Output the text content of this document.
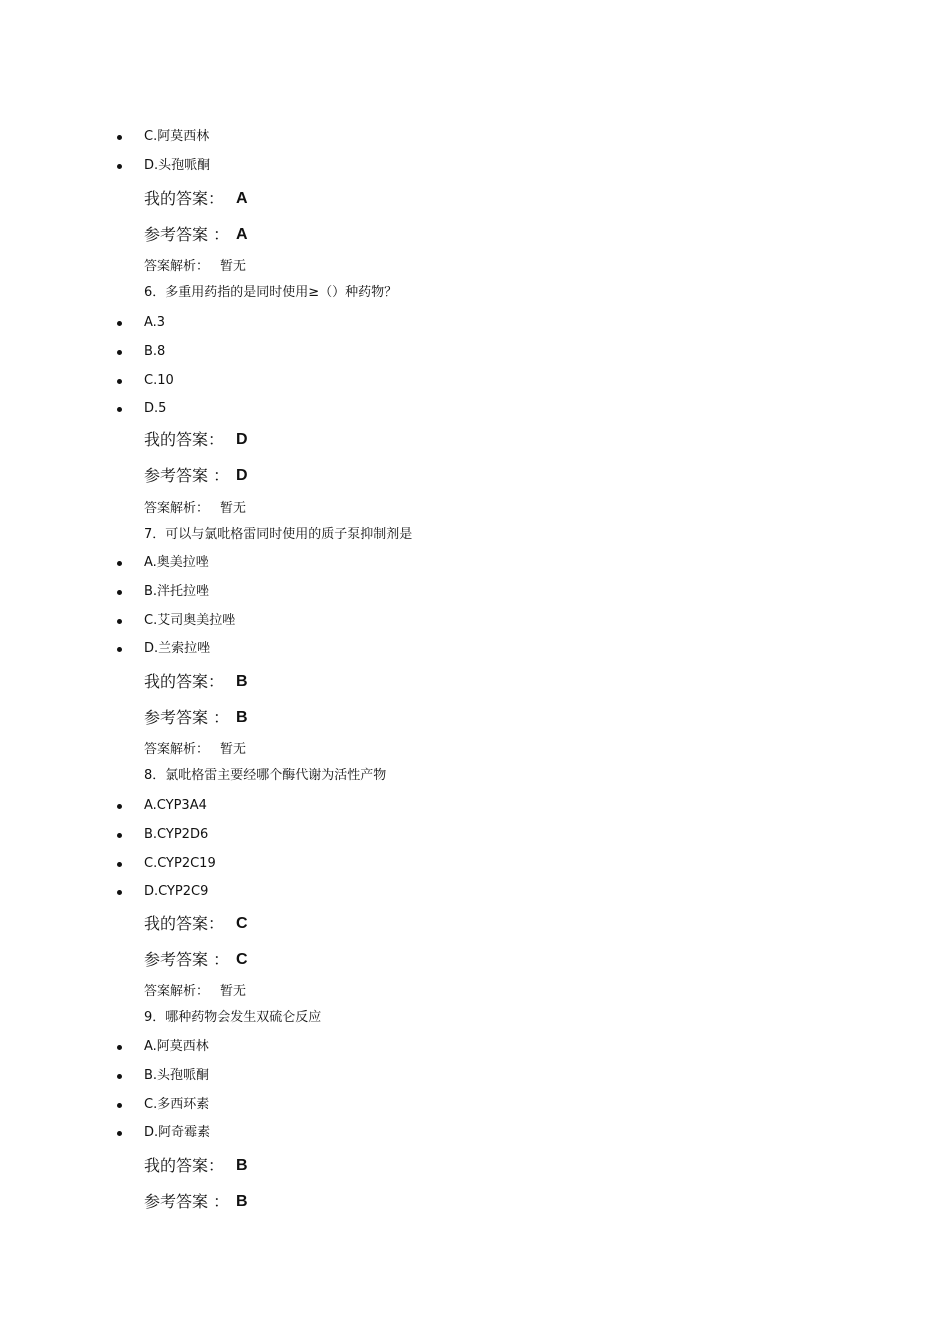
C.阿莫西林
D.头孢哌酮
我的答案： A
参考答案 ： A
答案解析： 暂无
6．多重用药指的是同时使用≥（）种药物？
A.3
B.8
C.10
D.5
我的答案： D
参考答案 ： D
答案解析： 暂无
7．可以与氯吡格雷同时使用的质子泵抑制剂是
A.奥美拉唑
B.泮托拉唑
C.艾司奥美拉唑
D.兰索拉唑
我的答案： B
参考答案 ： B
答案解析： 暂无
8．氯吡格雷主要经哪个酶代谢为活性产物
A.CYP3A4
B.CYP2D6
C.CYP2C19
D.CYP2C9
我的答案： C
参考答案 ： C
答案解析： 暂无
9．哪种药物会发生双硫仑反应
A.阿莫西林
B.头孢哌酮
C.多西环素
D.阿奇霉素
我的答案： B
参考答案 ： B
